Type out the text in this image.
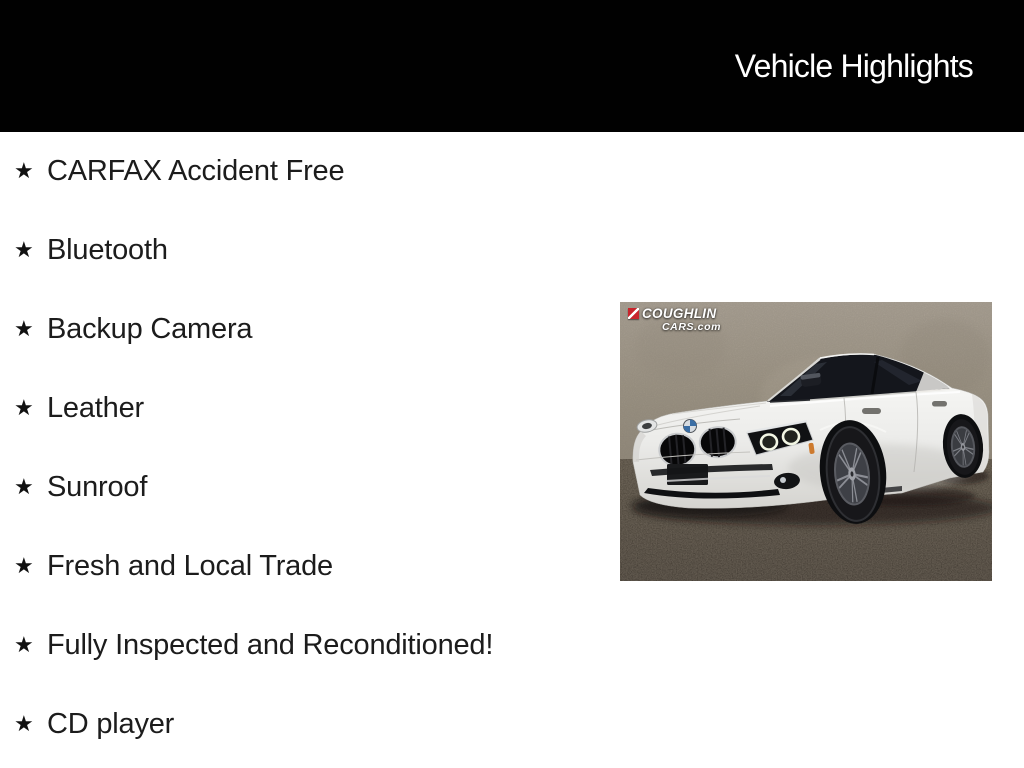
Vehicle Highlights
★ CARFAX Accident Free
★ Bluetooth
★ Backup Camera
★ Leather
★ Sunroof
★ Fresh and Local Trade
★ Fully Inspected and Reconditioned!
★ CD player
COUGHLIN
CARS.com
